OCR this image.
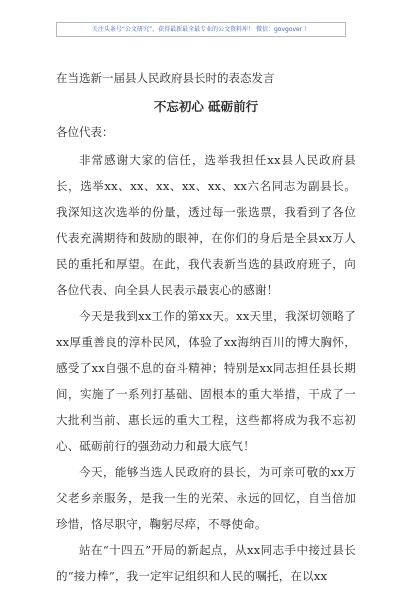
关注头条号“公文研究”，获得最新最全最专业的公文资料库！ 微信：govgover ）
在当选新一届县人民政府县长时的表态发言
不忘初心 砥砺前行
各位代表：

非常感谢大家的信任，选举我担任xx县人民政府县长，选举xx、xx、xx、xx、xx、xx六名同志为副县长。我深知这次选举的份量，透过每一张选票，我看到了各位代表充满期待和鼓励的眼神，在你们的身后是全县xx万人民的重托和厚望。在此，我代表新当选的县政府班子，向各位代表、向全县人民表示最衷心的感谢！

今天是我到xx工作的第xx天。xx天里，我深切领略了xx厚重善良的淳朴民风，体验了xx海纳百川的博大胸怀，感受了xx自强不息的奋斗精神；特别是xx同志担任县长期间，实施了一系列打基础、固根本的重大举措，干成了一大批利当前、惠长远的重大工程，这些都将成为我不忘初心、砥砺前行的强劲动力和最大底气！

今天，能够当选人民政府的县长，为可亲可敬的xx万父老乡亲服务，是我一生的光荣、永远的回忆，自当倍加珍惜，恪尽职守，鞠躬尽瘁，不辱使命。

站在“十四五”开局的新起点，从xx同志手中接过县长的“接力棒”，我一定牢记组织和人民的嘱托，在以xx
